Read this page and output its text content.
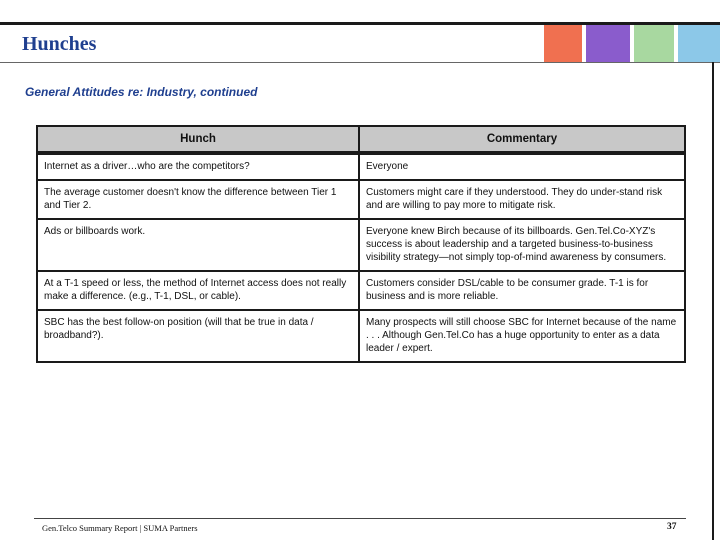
Hunches
General Attitudes re: Industry, continued
Hunch	Commentary
Internet as a driver…who are the competitors?	Everyone
The average customer doesn't know the difference between Tier 1 and Tier 2.	Customers might care if they understood. They do under-stand risk and are willing to pay more to mitigate risk.
Ads or billboards work.	Everyone knew Birch because of its billboards. Gen.Tel.Co-XYZ's success is about leadership and a targeted business-to-business visibility strategy—not simply top-of-mind awareness by consumers.
At a T-1 speed or less, the method of Internet access does not really make a difference. (e.g., T-1, DSL, or cable).	Customers consider DSL/cable to be consumer grade. T-1 is for business and is more reliable.
SBC has the best follow-on position (will that be true in data / broadband?).	Many prospects will still choose SBC for Internet because of the name . . . Although Gen.Tel.Co has a huge opportunity to enter as a data leader / expert.
Gen.Telco Summary Report | SUMA Partners	37
